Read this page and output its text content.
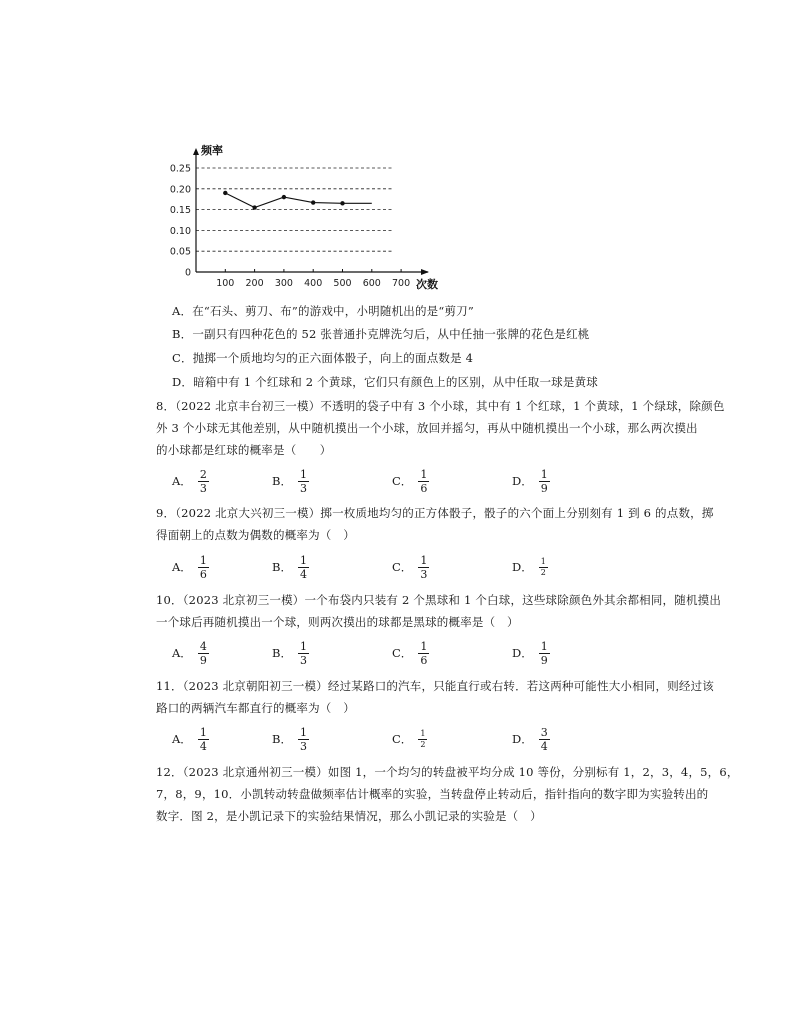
0
0.05
0.10
0.15
0.20
0.25
100 200 300 400 500 600 700
频率
次数
A．在“石头、剪刀、布”的游戏中，小明随机出的是“剪刀”
B．一副只有四种花色的 52 张普通扑克牌洗匀后，从中任抽一张牌的花色是红桃
C．抛掷一个质地均匀的正六面体骰子，向上的面点数是 4
D．暗箱中有 1 个红球和 2 个黄球，它们只有颜色上的区别，从中任取一球是黄球
8．（2022 北京丰台初三一模）不透明的袋子中有 3 个小球，其中有 1 个红球，1 个黄球，1 个绿球，除颜色
外 3 个小球无其他差别，从中随机摸出一个小球，放回并摇匀，再从中随机摸出一个小球，那么两次摸出
的小球都是红球的概率是（　　）
A． $\frac{2}{3}$	B． $\frac{1}{3}$	C． $\frac{1}{6}$	D． $\frac{1}{9}$
9．（2022 北京大兴初三一模）掷一枚质地均匀的正方体骰子，骰子的六个面上分别刻有 1 到 6 的点数，掷
得面朝上的点数为偶数的概率为（　）
A． $\frac{1}{6}$	B． $\frac{1}{4}$	C． $\frac{1}{3}$	D． $\frac{1}{2}$
10．（2023 北京初三一模）一个布袋内只装有 2 个黑球和 1 个白球，这些球除颜色外其余都相同，随机摸出
一个球后再随机摸出一个球，则两次摸出的球都是黑球的概率是（　）
A． $\frac{4}{9}$	B． $\frac{1}{3}$	C． $\frac{1}{6}$	D． $\frac{1}{9}$
11．（2023 北京朝阳初三一模）经过某路口的汽车，只能直行或右转．若这两种可能性大小相同，则经过该
路口的两辆汽车都直行的概率为（　）
A． $\frac{1}{4}$	B． $\frac{1}{3}$	C． $\frac{1}{2}$	D． $\frac{3}{4}$
12．（2023 北京通州初三一模）如图 1，一个均匀的转盘被平均分成 10 等份，分别标有 1，2，3，4，5，6，
7，8，9，10．小凯转动转盘做频率估计概率的实验，当转盘停止转动后，指针指向的数字即为实验转出的
数字．图 2，是小凯记录下的实验结果情况，那么小凯记录的实验是（　）
